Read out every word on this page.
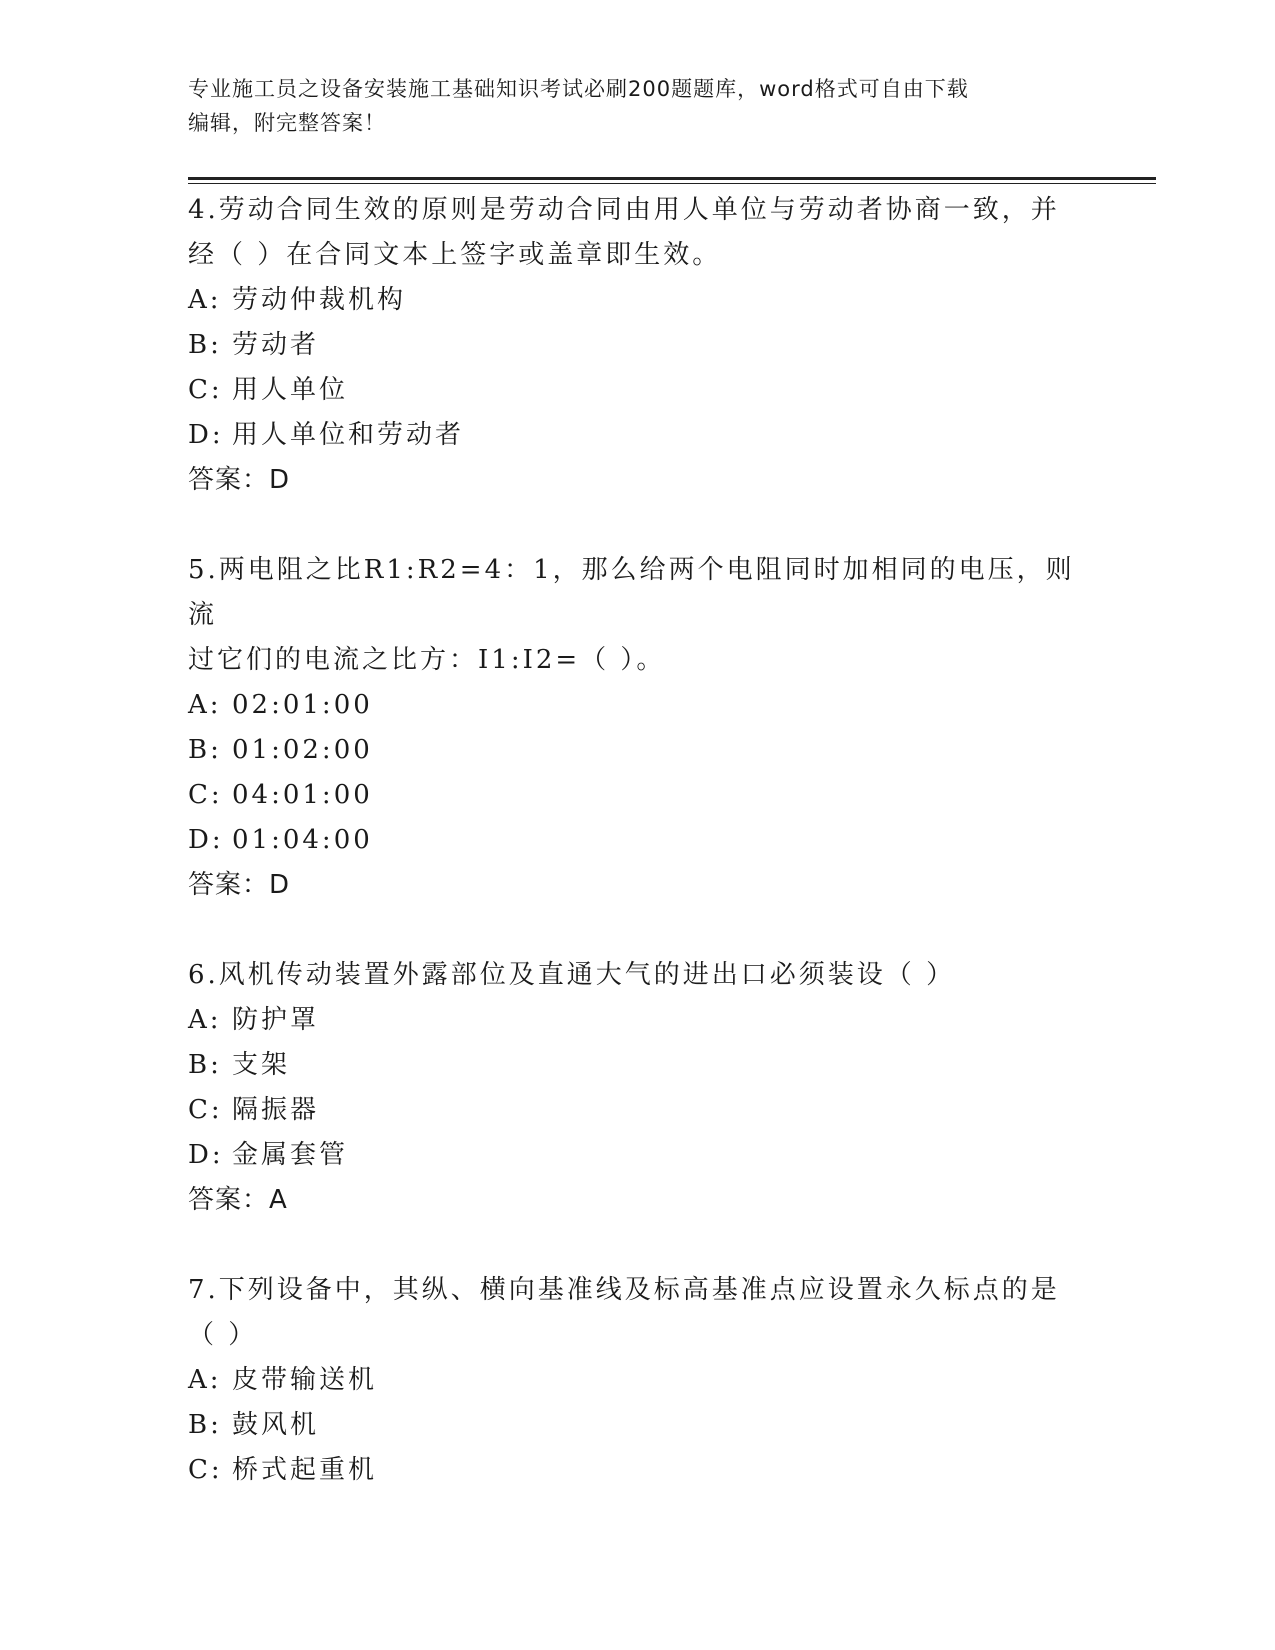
专业施工员之设备安装施工基础知识考试必刷200题题库，word格式可自由下载
编辑，附完整答案！

4.劳动合同生效的原则是劳动合同由用人单位与劳动者协商一致，并

经（ ）在合同文本上签字或盖章即生效。

A: 劳动仲裁机构

B: 劳动者

C: 用人单位

D: 用人单位和劳动者

答案：D

5.两电阻之比R1:R2=4：1，那么给两个电阻同时加相同的电压，则流

过它们的电流之比方：I1:I2=（ ）。

A: 02:01:00

B: 01:02:00

C: 04:01:00

D: 01:04:00

答案：D

6.风机传动装置外露部位及直通大气的进出口必须装设（ ）

A: 防护罩

B: 支架

C: 隔振器

D: 金属套管

答案：A

7.下列设备中，其纵、横向基准线及标高基准点应设置永久标点的是

（ ）

A: 皮带输送机

B: 鼓风机

C: 桥式起重机
